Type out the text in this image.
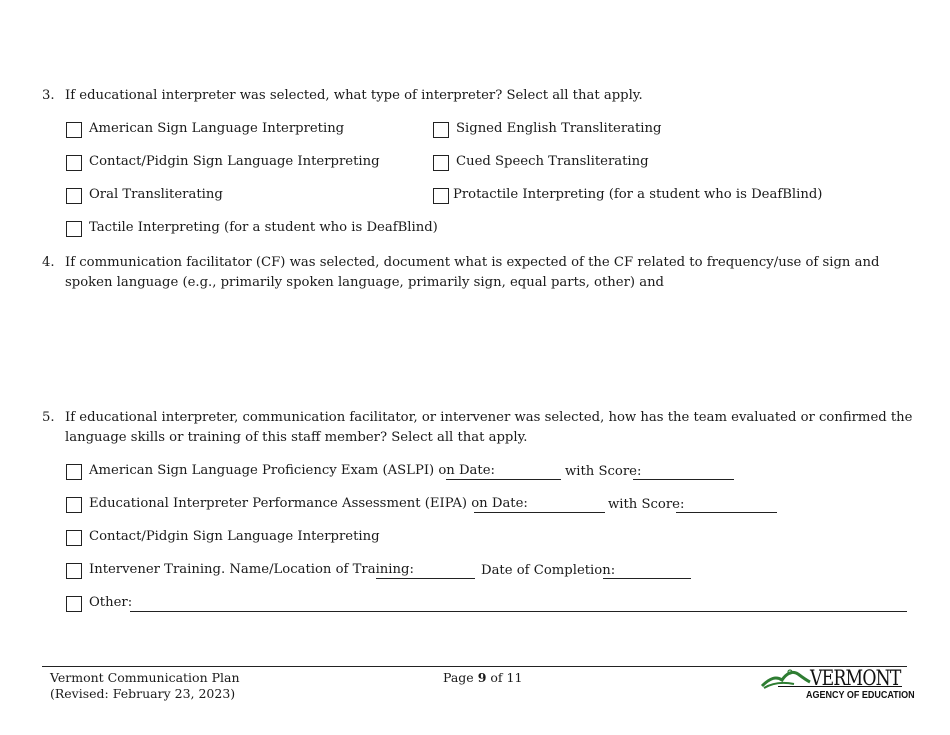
3. If educational interpreter was selected, what type of interpreter? Select all that apply.
American Sign Language Interpreting	Signed English Transliterating
Contact/Pidgin Sign Language Interpreting	Cued Speech Transliterating
Oral Transliterating	Protactile Interpreting (for a student who is DeafBlind)
Tactile Interpreting (for a student who is DeafBlind)
4. If communication facilitator (CF) was selected, document what is expected of the CF related to frequency/use of sign and spoken language (e.g., primarily spoken language, primarily sign, equal parts, other) and
5. If educational interpreter, communication facilitator, or intervener was selected, how has the team evaluated or confirmed the language skills or training of this staff member? Select all that apply.
American Sign Language Proficiency Exam (ASLPI) on Date:	with Score:
Educational Interpreter Performance Assessment (EIPA) on Date:	with Score:
Contact/Pidgin Sign Language Interpreting
Intervener Training. Name/Location of Training:	Date of Completion:
Other:
Vermont Communication Plan
(Revised: February 23, 2023)
Page 9 of 11	VERMONT
AGENCY OF EDUCATION
